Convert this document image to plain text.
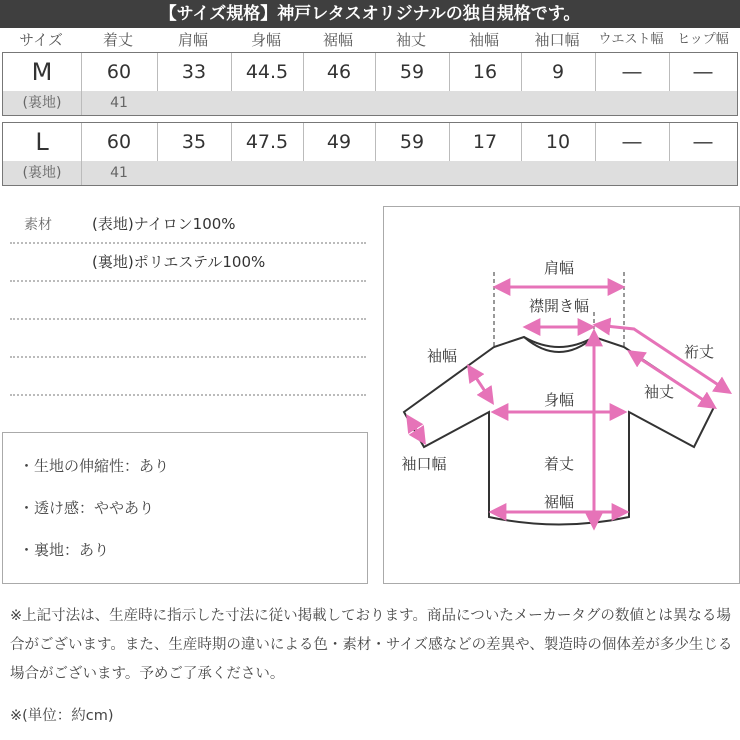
【サイズ規格】神戸レタスオリジナルの独自規格です。
サイズ	着丈	肩幅	身幅	裾幅	袖丈	袖幅	袖口幅	ウエスト幅	ヒップ幅
M	60	33	44.5	46	59	16	9	―	―
(裏地)	41
L	60	35	47.5	49	59	17	10	―	―
(裏地)	41
素材	(表地)ナイロン100%
(裏地)ポリエステル100%
・生地の伸縮性：あり
・透け感：ややあり
・裏地：あり
肩幅
襟開き幅
裄丈
袖幅
袖丈
身幅
袖口幅	着丈
裾幅
※上記寸法は、生産時に指示した寸法に従い掲載しております。商品についたメーカータグの数値とは異なる場合がございます。また、生産時期の違いによる色・素材・サイズ感などの差異や、製造時の個体差が多少生じる場合がございます。予めご了承ください。
※(単位：約cm)
